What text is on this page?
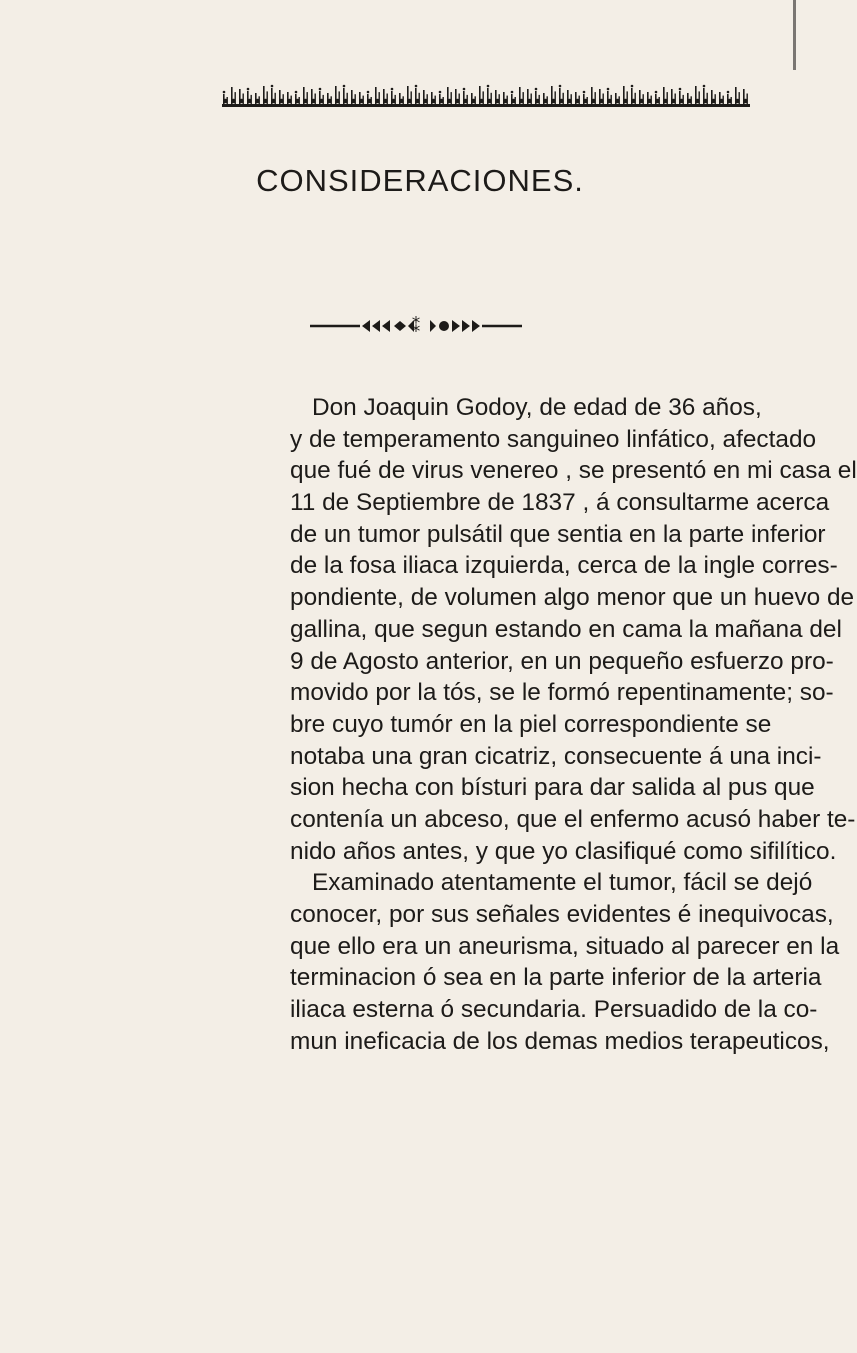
CONSIDERACIONES.
⁑
Don Joaquin Godoy, de edad de 36 años,
y de temperamento sanguineo linfático, afectado
que fué de virus venereo , se presentó en mi casa el
11 de Septiembre de 1837 , á consultarme acerca
de un tumor pulsátil que sentia en la parte inferior
de la fosa iliaca izquierda, cerca de la ingle corres-
pondiente, de volumen algo menor que un huevo de
gallina, que segun estando en cama la mañana del
9 de Agosto anterior, en un pequeño esfuerzo pro-
movido por la tós, se le formó repentinamente; so-
bre cuyo tumór en la piel correspondiente se
notaba una gran cicatriz, consecuente á una inci-
sion hecha con bísturi para dar salida al pus que
contenía un abceso, que el enfermo acusó haber te-
nido años antes, y que yo clasifiqué como sifilítico.
Examinado atentamente el tumor, fácil se dejó
conocer, por sus señales evidentes é inequivocas,
que ello era un aneurisma, situado al parecer en la
terminacion ó sea en la parte inferior de la arteria
iliaca esterna ó secundaria. Persuadido de la co-
mun ineficacia de los demas medios terapeuticos,
